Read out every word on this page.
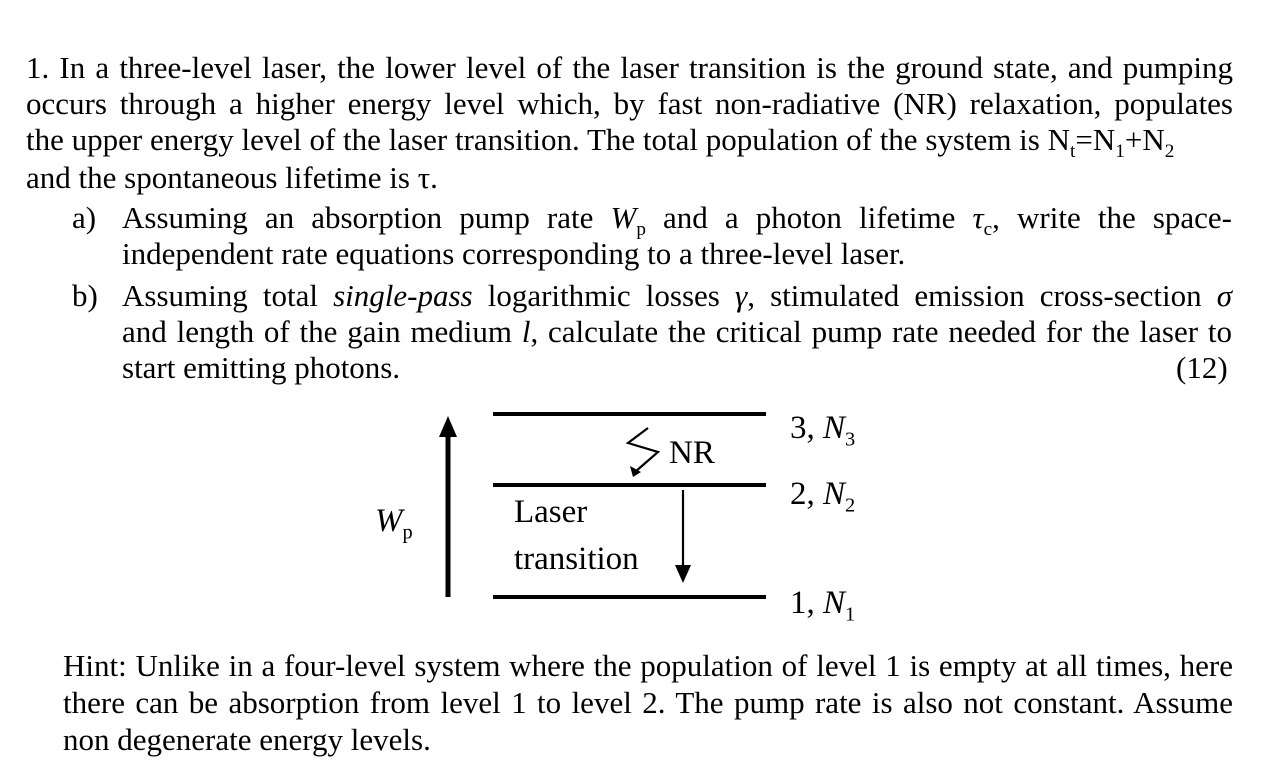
1. In a three-level laser, the lower level of the laser transition is the ground state, and pumping
occurs through a higher energy level which, by fast non-radiative (NR) relaxation, populates
the upper energy level of the laser transition. The total population of the system is $N_t=N_1+N_2$
and the spontaneous lifetime is τ.
a) Assuming an absorption pump rate $W_p$ and a photon lifetime $\tau_c$, write the space-
independent rate equations corresponding to a three-level laser.
b) Assuming total single-pass logarithmic losses γ, stimulated emission cross-section σ
and length of the gain medium l, calculate the critical pump rate needed for the laser to
start emitting photons.	(12)
$W_p$
NR
Laser
transition
3, $N_3$
2, $N_2$
1, $N_1$
Hint: Unlike in a four-level system where the population of level 1 is empty at all times, here
there can be absorption from level 1 to level 2. The pump rate is also not constant. Assume
non degenerate energy levels.
